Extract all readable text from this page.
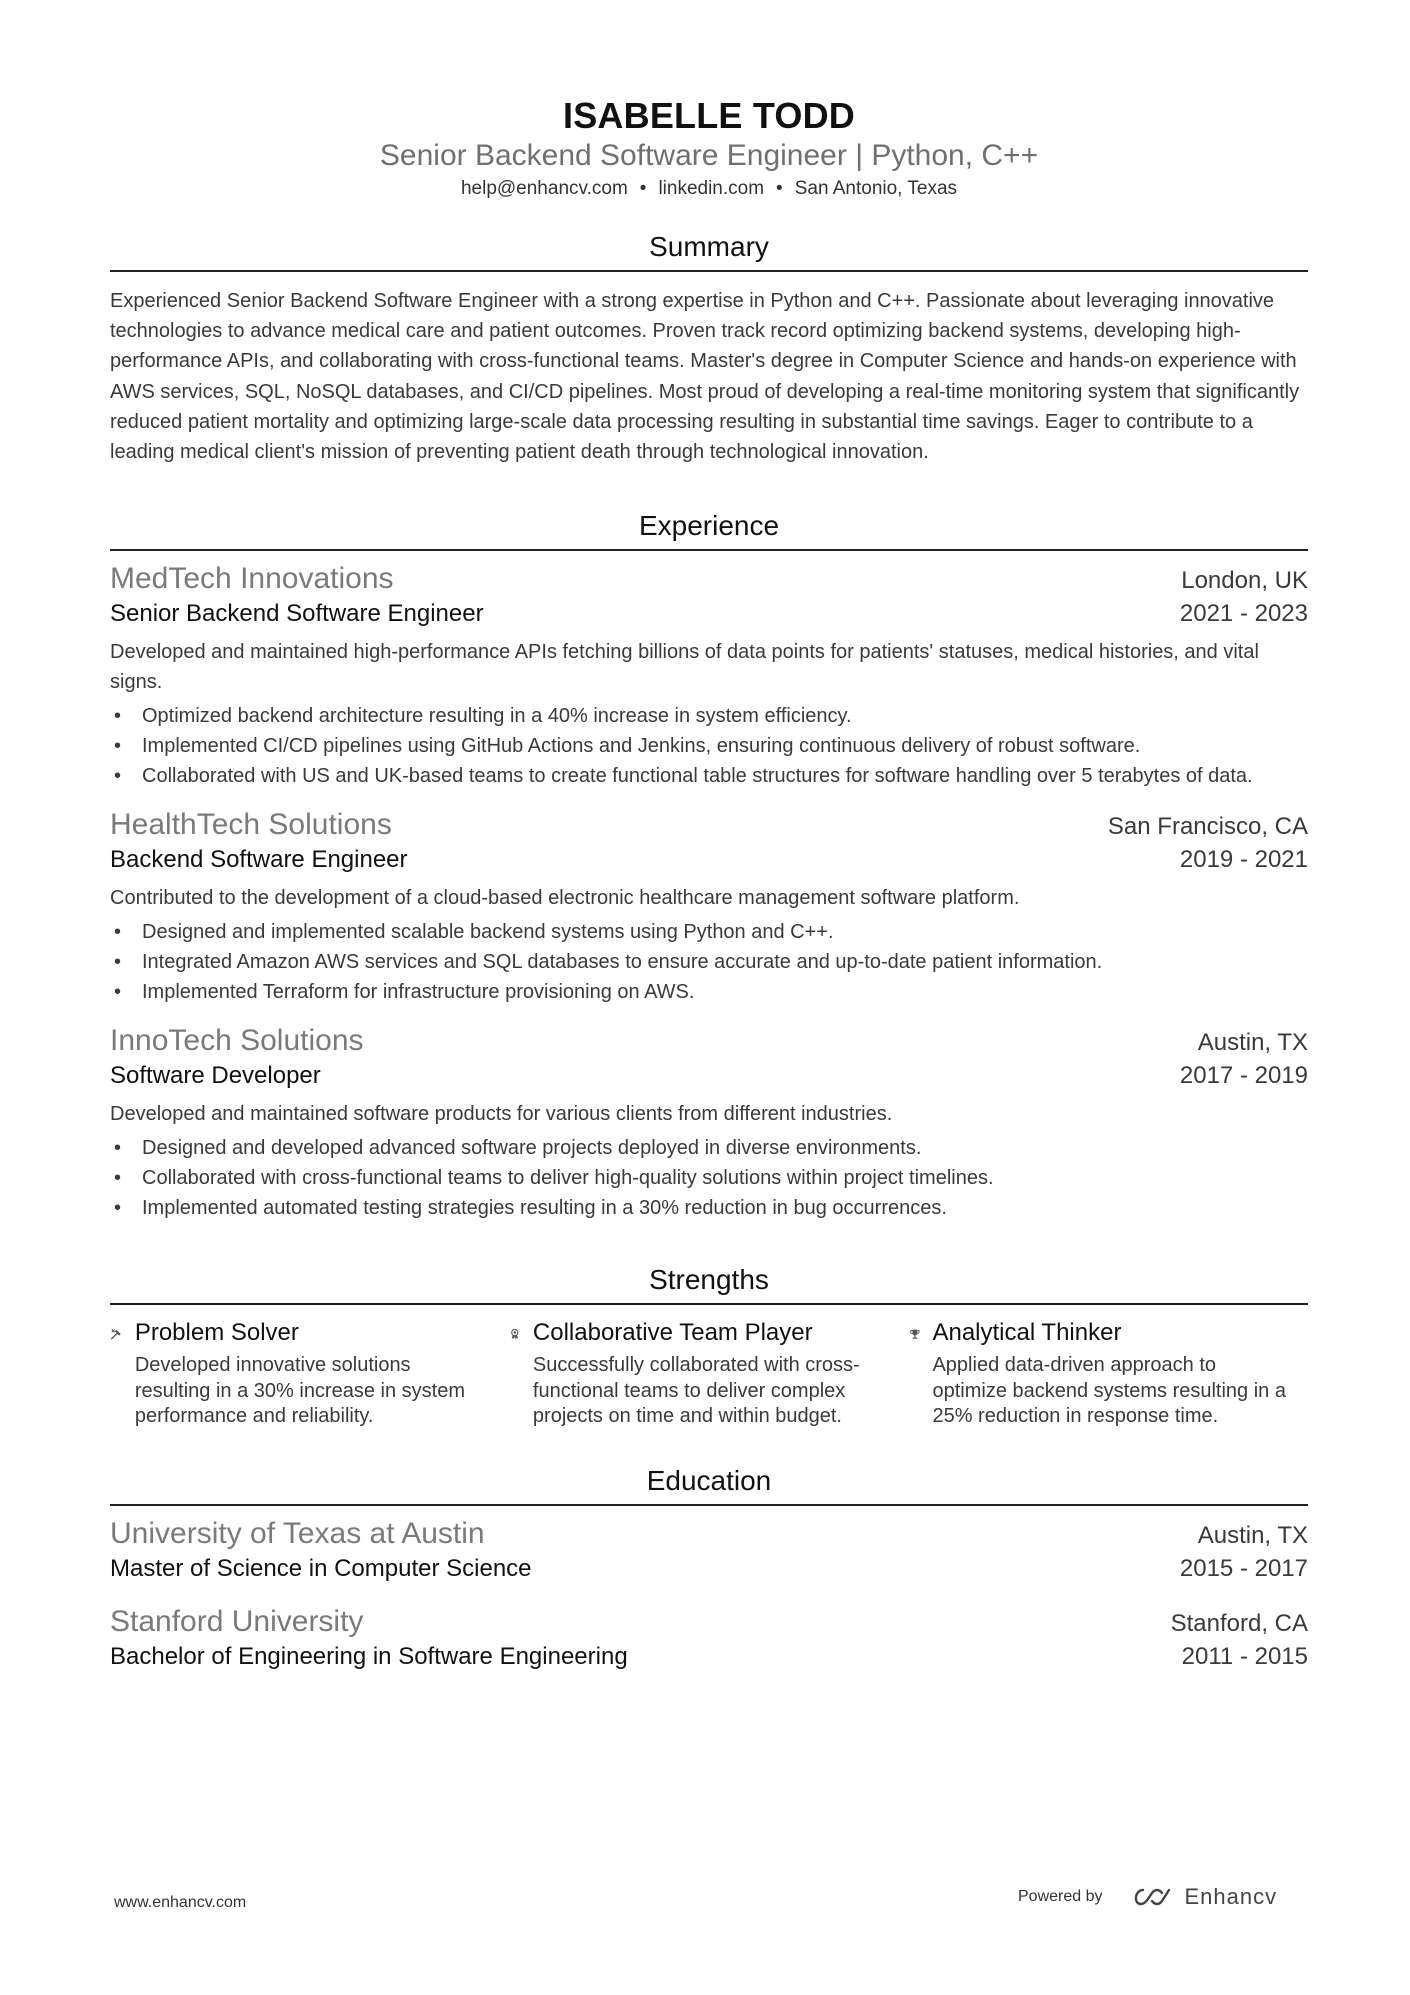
ISABELLE TODD
Senior Backend Software Engineer | Python, C++
help@enhancv.com • linkedin.com • San Antonio, Texas
Summary
Experienced Senior Backend Software Engineer with a strong expertise in Python and C++. Passionate about leveraging innovative technologies to advance medical care and patient outcomes. Proven track record optimizing backend systems, developing high-performance APIs, and collaborating with cross-functional teams. Master's degree in Computer Science and hands-on experience with AWS services, SQL, NoSQL databases, and CI/CD pipelines. Most proud of developing a real-time monitoring system that significantly reduced patient mortality and optimizing large-scale data processing resulting in substantial time savings. Eager to contribute to a leading medical client's mission of preventing patient death through technological innovation.
Experience
MedTech Innovations	London, UK
Senior Backend Software Engineer	2021 - 2023
Developed and maintained high-performance APIs fetching billions of data points for patients' statuses, medical histories, and vital signs.
• Optimized backend architecture resulting in a 40% increase in system efficiency.
• Implemented CI/CD pipelines using GitHub Actions and Jenkins, ensuring continuous delivery of robust software.
• Collaborated with US and UK-based teams to create functional table structures for software handling over 5 terabytes of data.
HealthTech Solutions	San Francisco, CA
Backend Software Engineer	2019 - 2021
Contributed to the development of a cloud-based electronic healthcare management software platform.
• Designed and implemented scalable backend systems using Python and C++.
• Integrated Amazon AWS services and SQL databases to ensure accurate and up-to-date patient information.
• Implemented Terraform for infrastructure provisioning on AWS.
InnoTech Solutions	Austin, TX
Software Developer	2017 - 2019
Developed and maintained software products for various clients from different industries.
• Designed and developed advanced software projects deployed in diverse environments.
• Collaborated with cross-functional teams to deliver high-quality solutions within project timelines.
• Implemented automated testing strategies resulting in a 30% reduction in bug occurrences.
Strengths
Problem Solver
Developed innovative solutions resulting in a 30% increase in system performance and reliability.
Collaborative Team Player
Successfully collaborated with cross-functional teams to deliver complex projects on time and within budget.
Analytical Thinker
Applied data-driven approach to optimize backend systems resulting in a 25% reduction in response time.
Education
University of Texas at Austin	Austin, TX
Master of Science in Computer Science	2015 - 2017
Stanford University	Stanford, CA
Bachelor of Engineering in Software Engineering	2011 - 2015
www.enhancv.com	Powered by	Enhancv
